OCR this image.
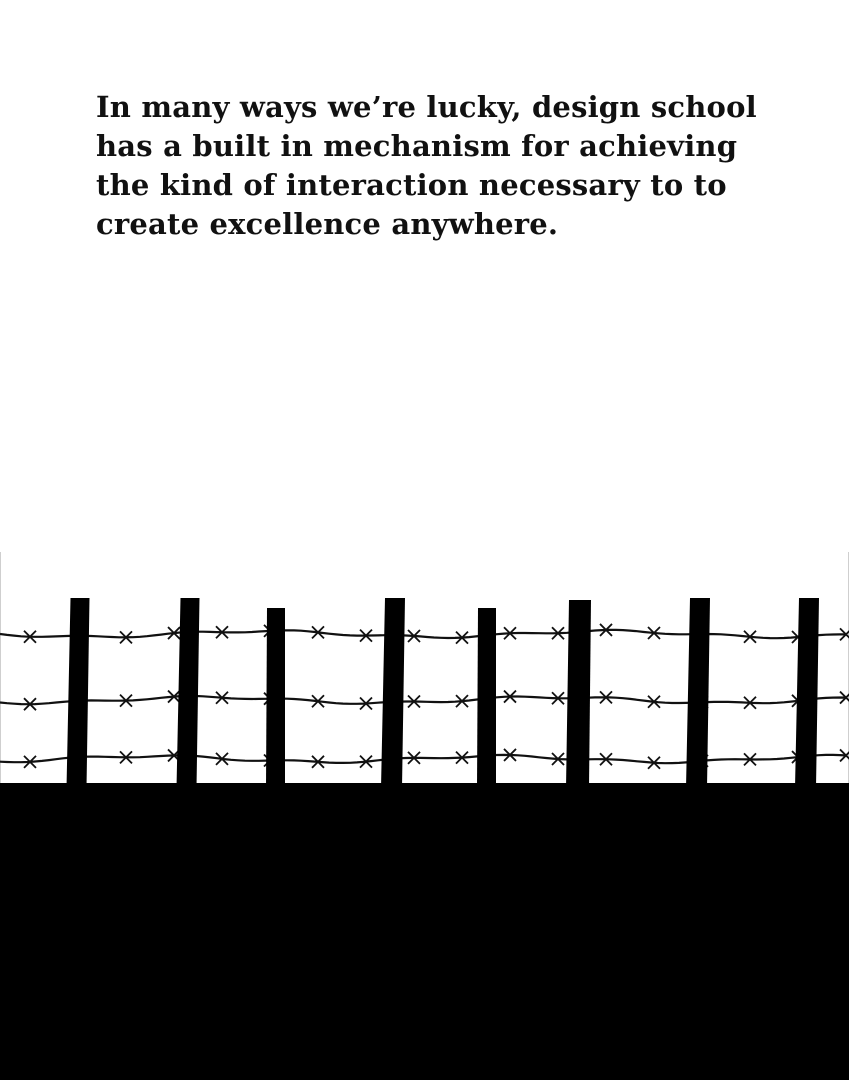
In many ways we’re lucky, design school
has a built in mechanism for achieving
the kind of interaction necessary to to
create excellence anywhere.
